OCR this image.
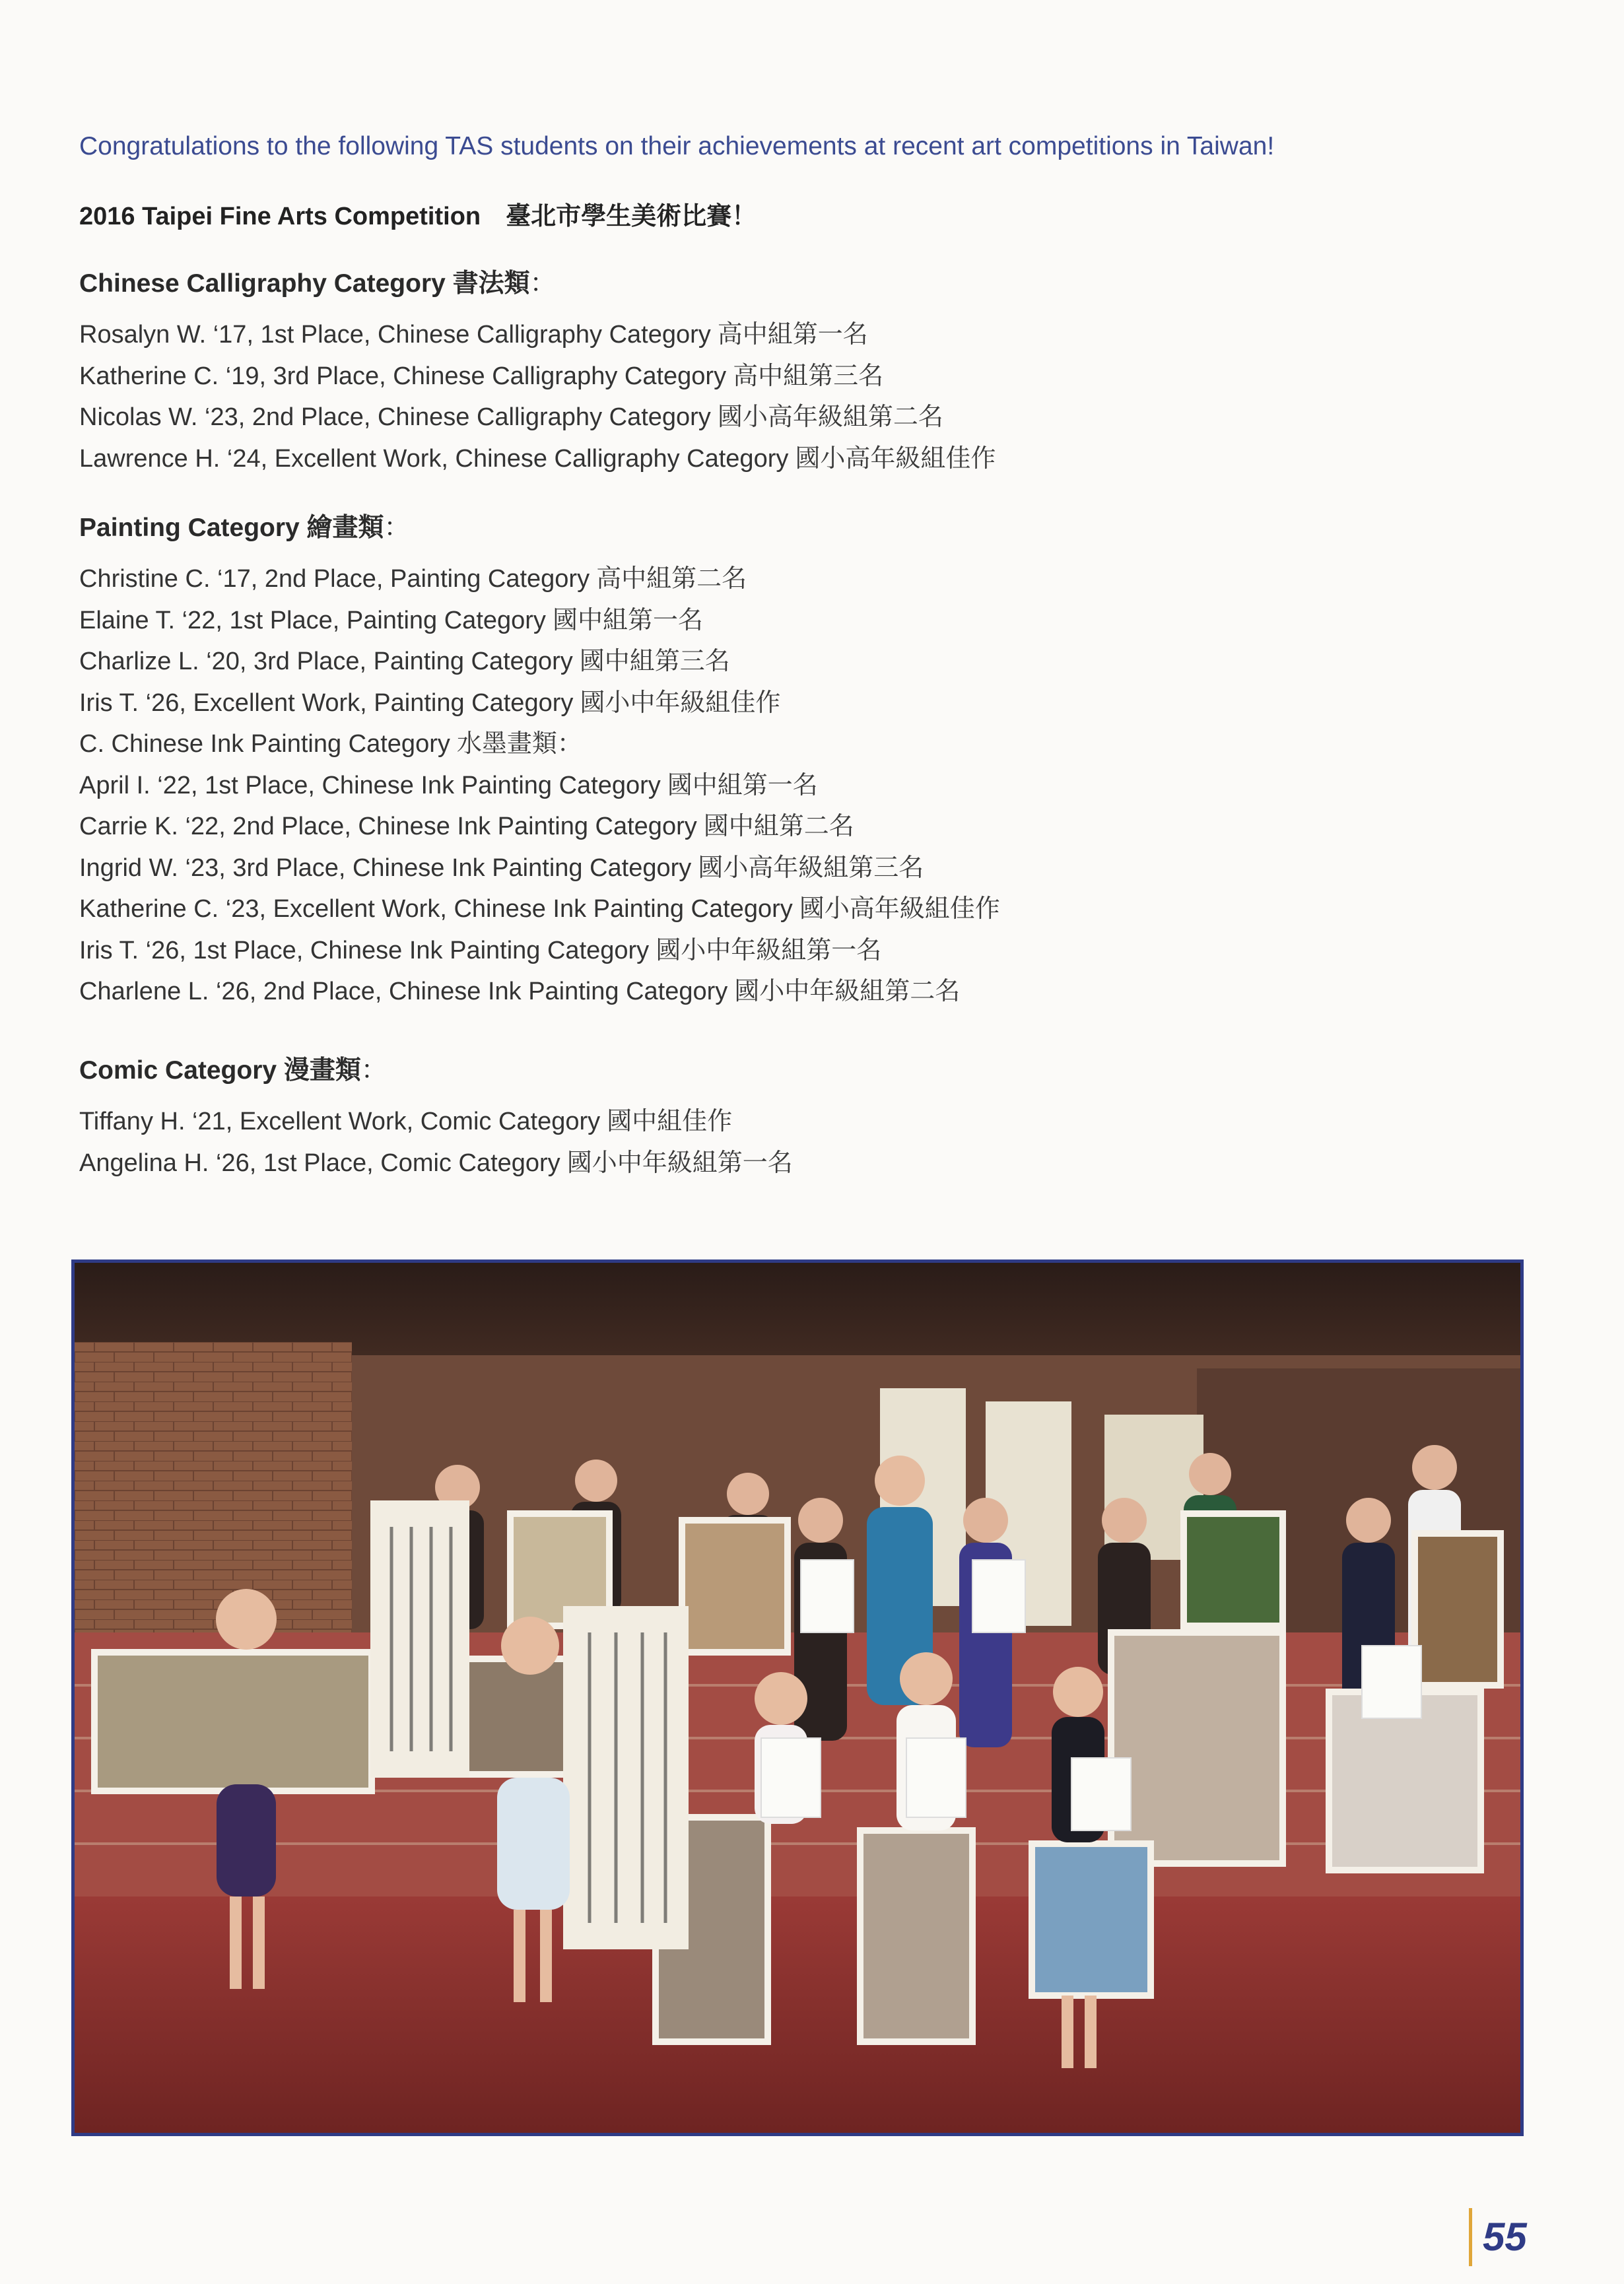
Congratulations to the following TAS students on their achievements at recent art competitions in Taiwan!
2016 Taipei Fine Arts Competition 臺北市學生美術比賽！
Chinese Calligraphy Category 書法類：
Rosalyn W. ‘17, 1st Place, Chinese Calligraphy Category 高中組第一名
Katherine C. ‘19, 3rd Place, Chinese Calligraphy Category 高中組第三名
Nicolas W. ‘23, 2nd Place, Chinese Calligraphy Category 國小高年級組第二名
Lawrence H. ‘24, Excellent Work, Chinese Calligraphy Category 國小高年級組佳作
Painting Category 繪畫類：
Christine C. ‘17, 2nd Place, Painting Category 高中組第二名
Elaine T. ‘22, 1st Place, Painting Category 國中組第一名
Charlize L. ‘20, 3rd Place, Painting Category 國中組第三名
Iris T. ‘26, Excellent Work, Painting Category 國小中年級組佳作
C. Chinese Ink Painting Category 水墨畫類：
April I. ‘22, 1st Place, Chinese Ink Painting Category 國中組第一名
Carrie K. ‘22, 2nd Place, Chinese Ink Painting Category 國中組第二名
Ingrid W. ‘23, 3rd Place, Chinese Ink Painting Category 國小高年級組第三名
Katherine C. ‘23, Excellent Work, Chinese Ink Painting Category 國小高年級組佳作
Iris T. ‘26, 1st Place, Chinese Ink Painting Category 國小中年級組第一名
Charlene L. ‘26, 2nd Place, Chinese Ink Painting Category 國小中年級組第二名
Comic Category 漫畫類：
Tiffany H. ‘21, Excellent Work, Comic Category 國中組佳作
Angelina H. ‘26, 1st Place, Comic Category 國小中年級組第一名
55
